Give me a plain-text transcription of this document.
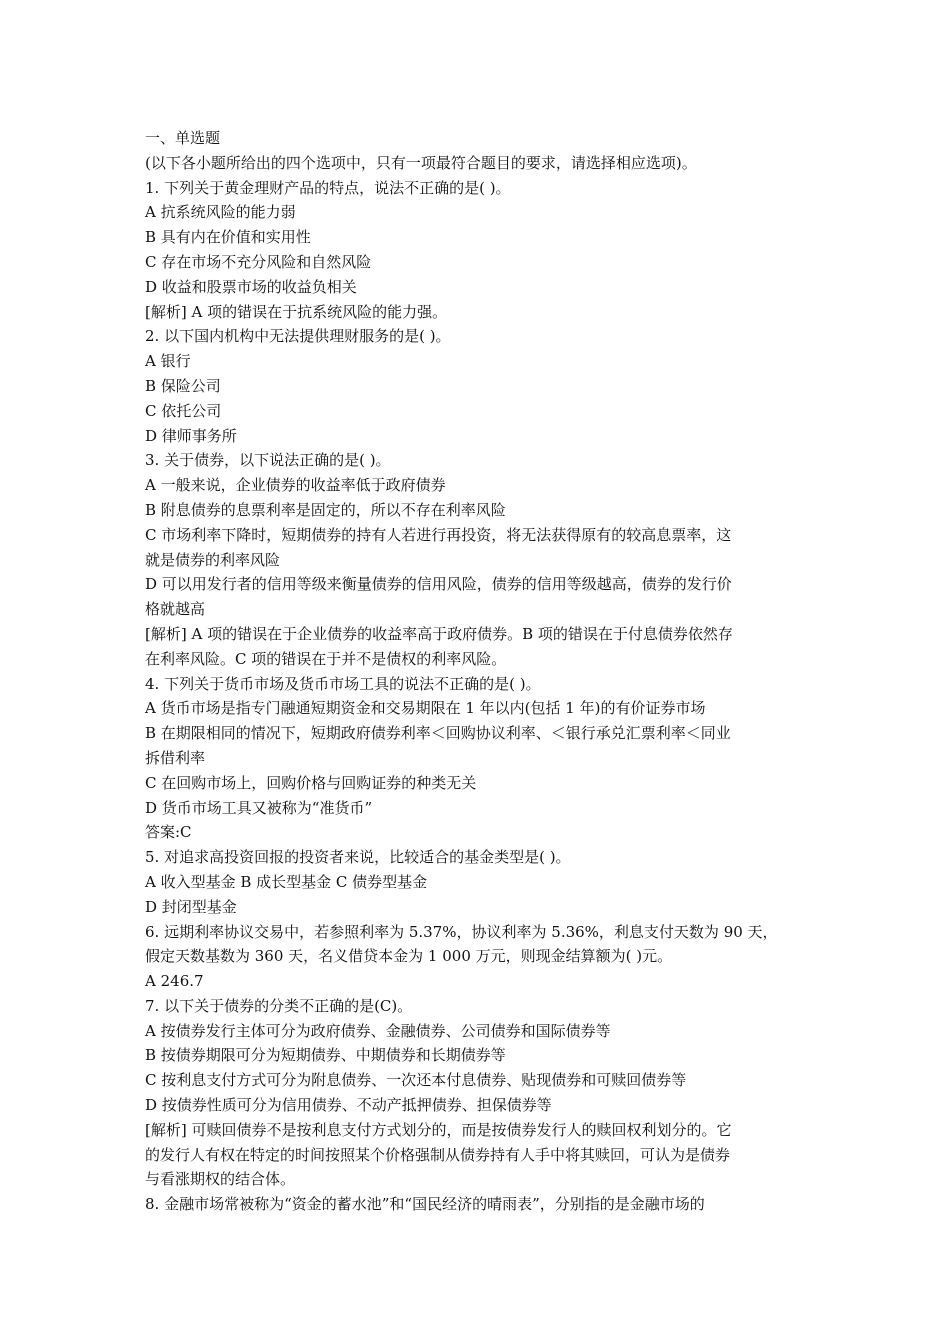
一、单选题
(以下各小题所给出的四个选项中，只有一项最符合题目的要求，请选择相应选项)。
1. 下列关于黄金理财产品的特点，说法不正确的是( )。
A 抗系统风险的能力弱
B 具有内在价值和实用性
C 存在市场不充分风险和自然风险
D 收益和股票市场的收益负相关
[解析] A 项的错误在于抗系统风险的能力强。
2. 以下国内机构中无法提供理财服务的是( )。
A 银行
B 保险公司
C 依托公司
D 律师事务所
3. 关于债券，以下说法正确的是( )。
A 一般来说，企业债券的收益率低于政府债券
B 附息债券的息票利率是固定的，所以不存在利率风险
C 市场利率下降时，短期债券的持有人若进行再投资，将无法获得原有的较高息票率，这
就是债券的利率风险
D 可以用发行者的信用等级来衡量债券的信用风险，债券的信用等级越高，债券的发行价
格就越高
[解析] A 项的错误在于企业债券的收益率高于政府债券。B 项的错误在于付息债券依然存
在利率风险。C 项的错误在于并不是债权的利率风险。
4. 下列关于货币市场及货币市场工具的说法不正确的是( )。
A 货币市场是指专门融通短期资金和交易期限在 1 年以内(包括 1 年)的有价证券市场
B 在期限相同的情况下，短期政府债券利率＜回购协议利率、＜银行承兑汇票利率＜同业
拆借利率
C 在回购市场上，回购价格与回购证券的种类无关
D 货币市场工具又被称为“准货币”
答案:C
5. 对追求高投资回报的投资者来说，比较适合的基金类型是( )。
A 收入型基金 B 成长型基金 C 债券型基金
D 封闭型基金
6. 远期利率协议交易中，若参照利率为 5.37%，协议利率为 5.36%，利息支付天数为 90 天，
假定天数基数为 360 天，名义借贷本金为 1 000 万元，则现金结算额为( )元。
A 246.7
7. 以下关于债券的分类不正确的是(C)。
A 按债券发行主体可分为政府债券、金融债券、公司债券和国际债券等
B 按债券期限可分为短期债券、中期债券和长期债券等
C 按利息支付方式可分为附息债券、一次还本付息债券、贴现债券和可赎回债券等
D 按债券性质可分为信用债券、不动产抵押债券、担保债券等
[解析] 可赎回债券不是按利息支付方式划分的，而是按债券发行人的赎回权利划分的。它
的发行人有权在特定的时间按照某个价格强制从债券持有人手中将其赎回，可认为是债券
与看涨期权的结合体。
8. 金融市场常被称为“资金的蓄水池”和“国民经济的晴雨表”，分别指的是金融市场的
